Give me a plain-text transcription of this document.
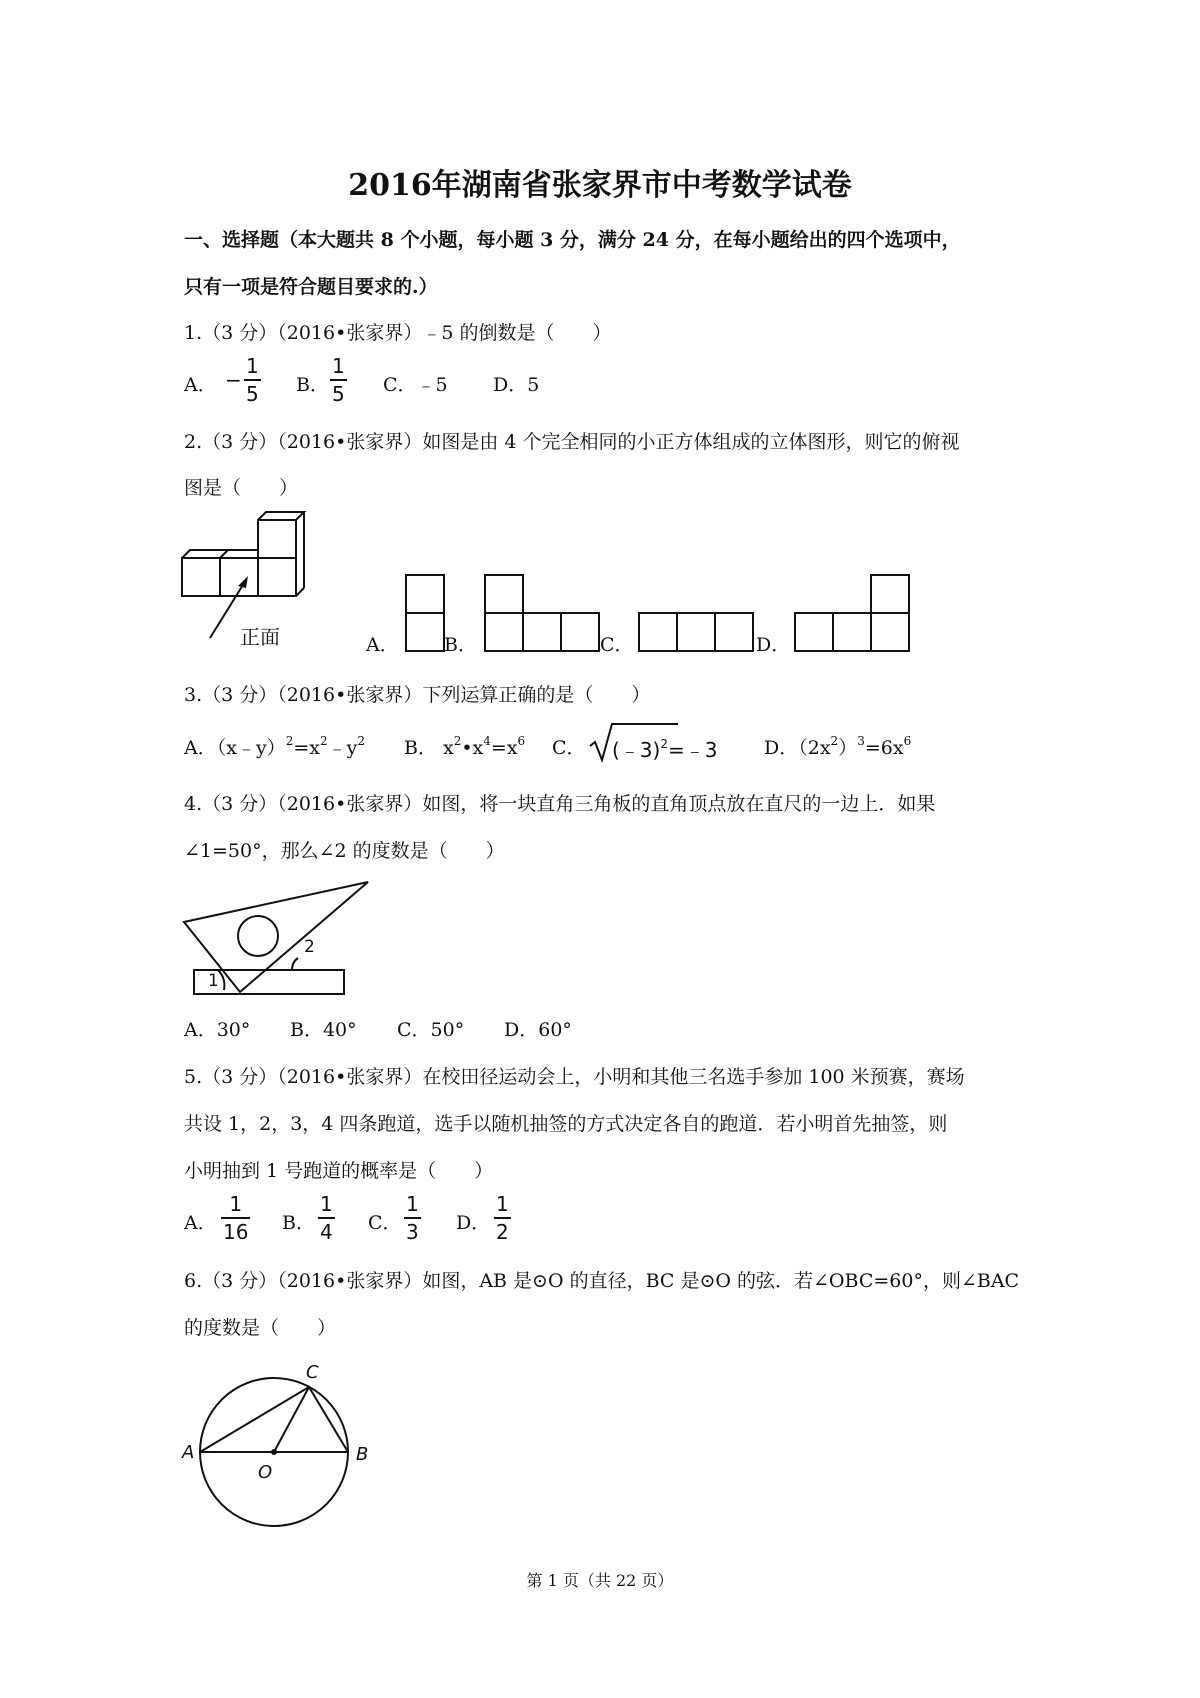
2016年湖南省张家界市中考数学试卷
一、选择题（本大题共 8 个小题，每小题 3 分，满分 24 分，在每小题给出的四个选项中，
只有一项是符合题目要求的.）
1.（3 分）（2016•张家界）﹣5 的倒数是（　　）
A． −
1
5 B．
1
5 C．﹣5 D．5
2.（3 分）（2016•张家界）如图是由 4 个完全相同的小正方体组成的立体图形，则它的俯视
图是（　　）
正面	A． B．	C．	D．
3.（3 分）（2016•张家界）下列运算正确的是（　　）
A．$(x﹣y)^2=x^2﹣y^2$ B． $x^2•x^4=x^6$ C． (﹣3)$^2$=﹣3 D．$(2x^2)^3=6x^6$
4.（3 分）（2016•张家界）如图，将一块直角三角板的直角顶点放在直尺的一边上．如果
∠1=50°，那么∠2 的度数是（　　）
1
2
A．30° B．40° C．50° D．60°
5.（3 分）（2016•张家界）在校田径运动会上，小明和其他三名选手参加 100 米预赛，赛场
共设 1，2，3，4 四条跑道，选手以随机抽签的方式决定各自的跑道．若小明首先抽签，则
小明抽到 1 号跑道的概率是（　　）
A．
1
16 B．
1
4 C．
1
3 D．
1
2
6.（3 分）（2016•张家界）如图，AB 是⊙O 的直径，BC 是⊙O 的弦．若∠OBC=60°，则∠BAC
的度数是（　　）
A	B
C
O
第 1 页（共 22 页）
